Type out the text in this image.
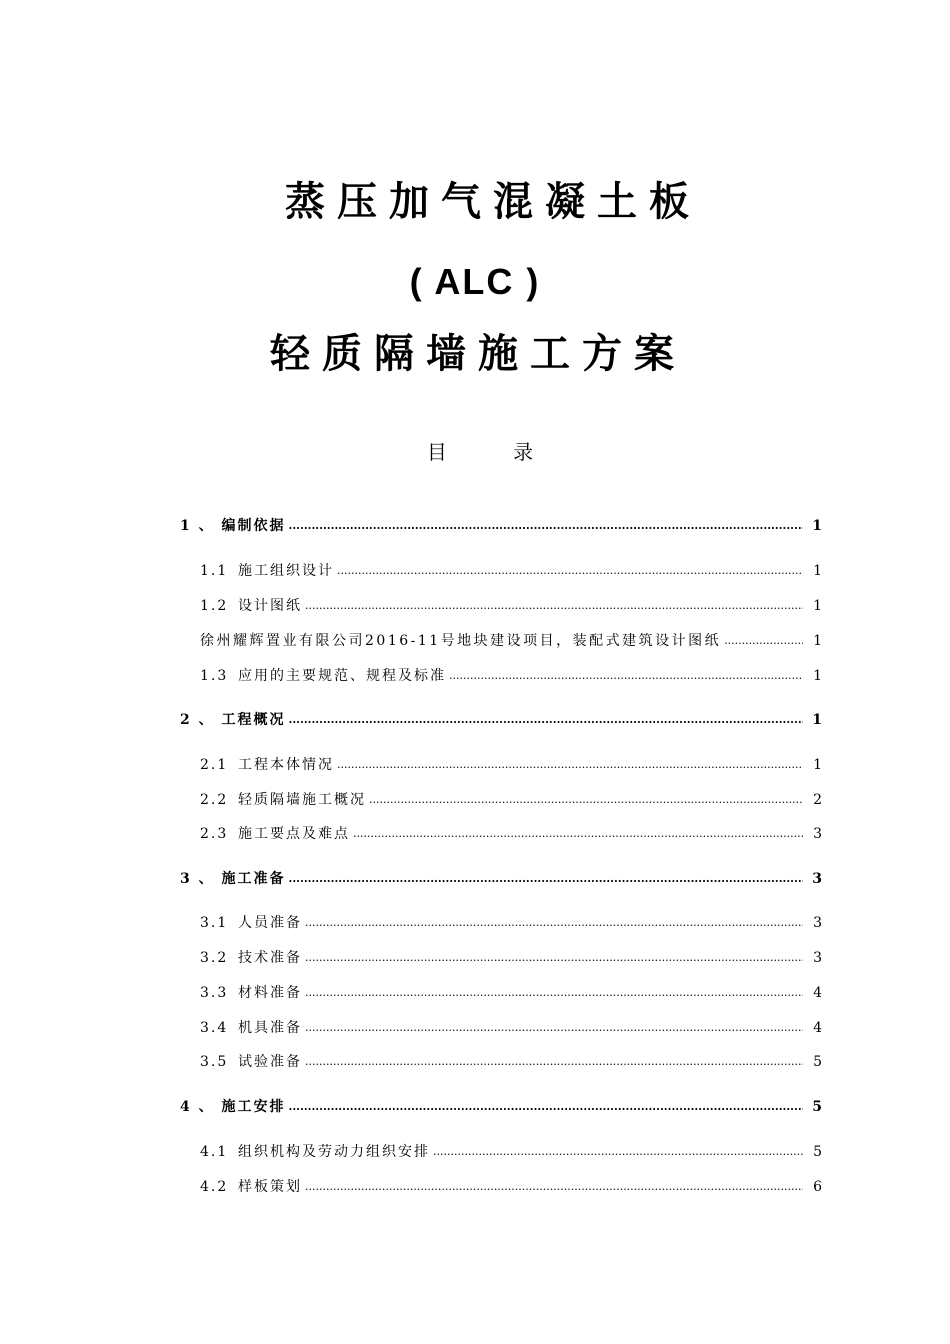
蒸压加气混凝土板
( ALC )
轻质隔墙施工方案
目 录
1 、 编制依据 .....	1
1.1 施工组织设计 .....	1
1.2 设计图纸 .....	1
徐州耀辉置业有限公司2016-11号地块建设项目，装配式建筑设计图纸 .....	1
1.3 应用的主要规范、规程及标准 .....	1
2 、 工程概况 .....	1
2.1 工程本体情况 .....	1
2.2 轻质隔墙施工概况 .....	2
2.3 施工要点及难点 .....	3
3 、 施工准备 .....	3
3.1 人员准备 .....	3
3.2 技术准备 .....	3
3.3 材料准备 .....	4
3.4 机具准备 .....	4
3.5 试验准备 .....	5
4 、 施工安排 .....	5
4.1 组织机构及劳动力组织安排 .....	5
4.2 样板策划 .....	6
